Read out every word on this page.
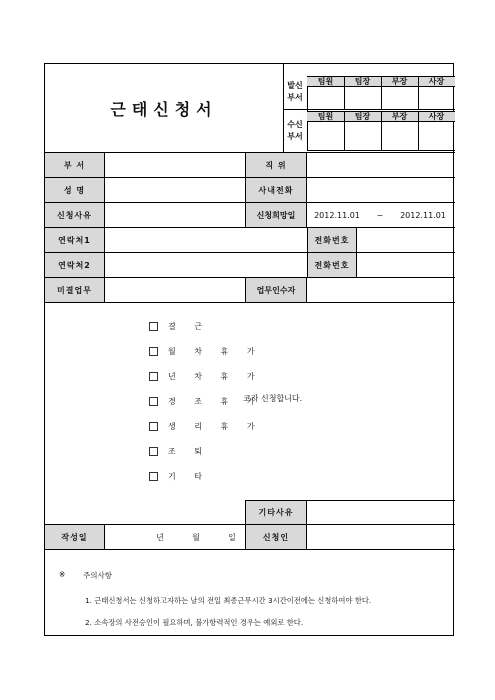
근태신청서
발신
부서
팀원	팀장	부장	사장
수신
부서
팀원	팀장	부장	사장
부 서	직 위
성 명	사내전화
신청사유	신청희망일	2012.11.01	~	2012.11.01
연락처1	전화번호
연락처2	전화번호
미결업무	업무인수자
결 근
월 차 휴 가
년 차 휴 가
경 조 휴 가
생 리 휴 가
조 퇴
기 타
코자 신청합니다.
기타사유
작성일	년	월	일	신청인
※ 주의사항
1. 근태신청서는 신청하고자하는 날의 전일 최종근무시간 3시간이전에는 신청하여야 한다.
2. 소속장의 사전승인이 필요하며, 불가항력적인 경우는 예외로 한다.
